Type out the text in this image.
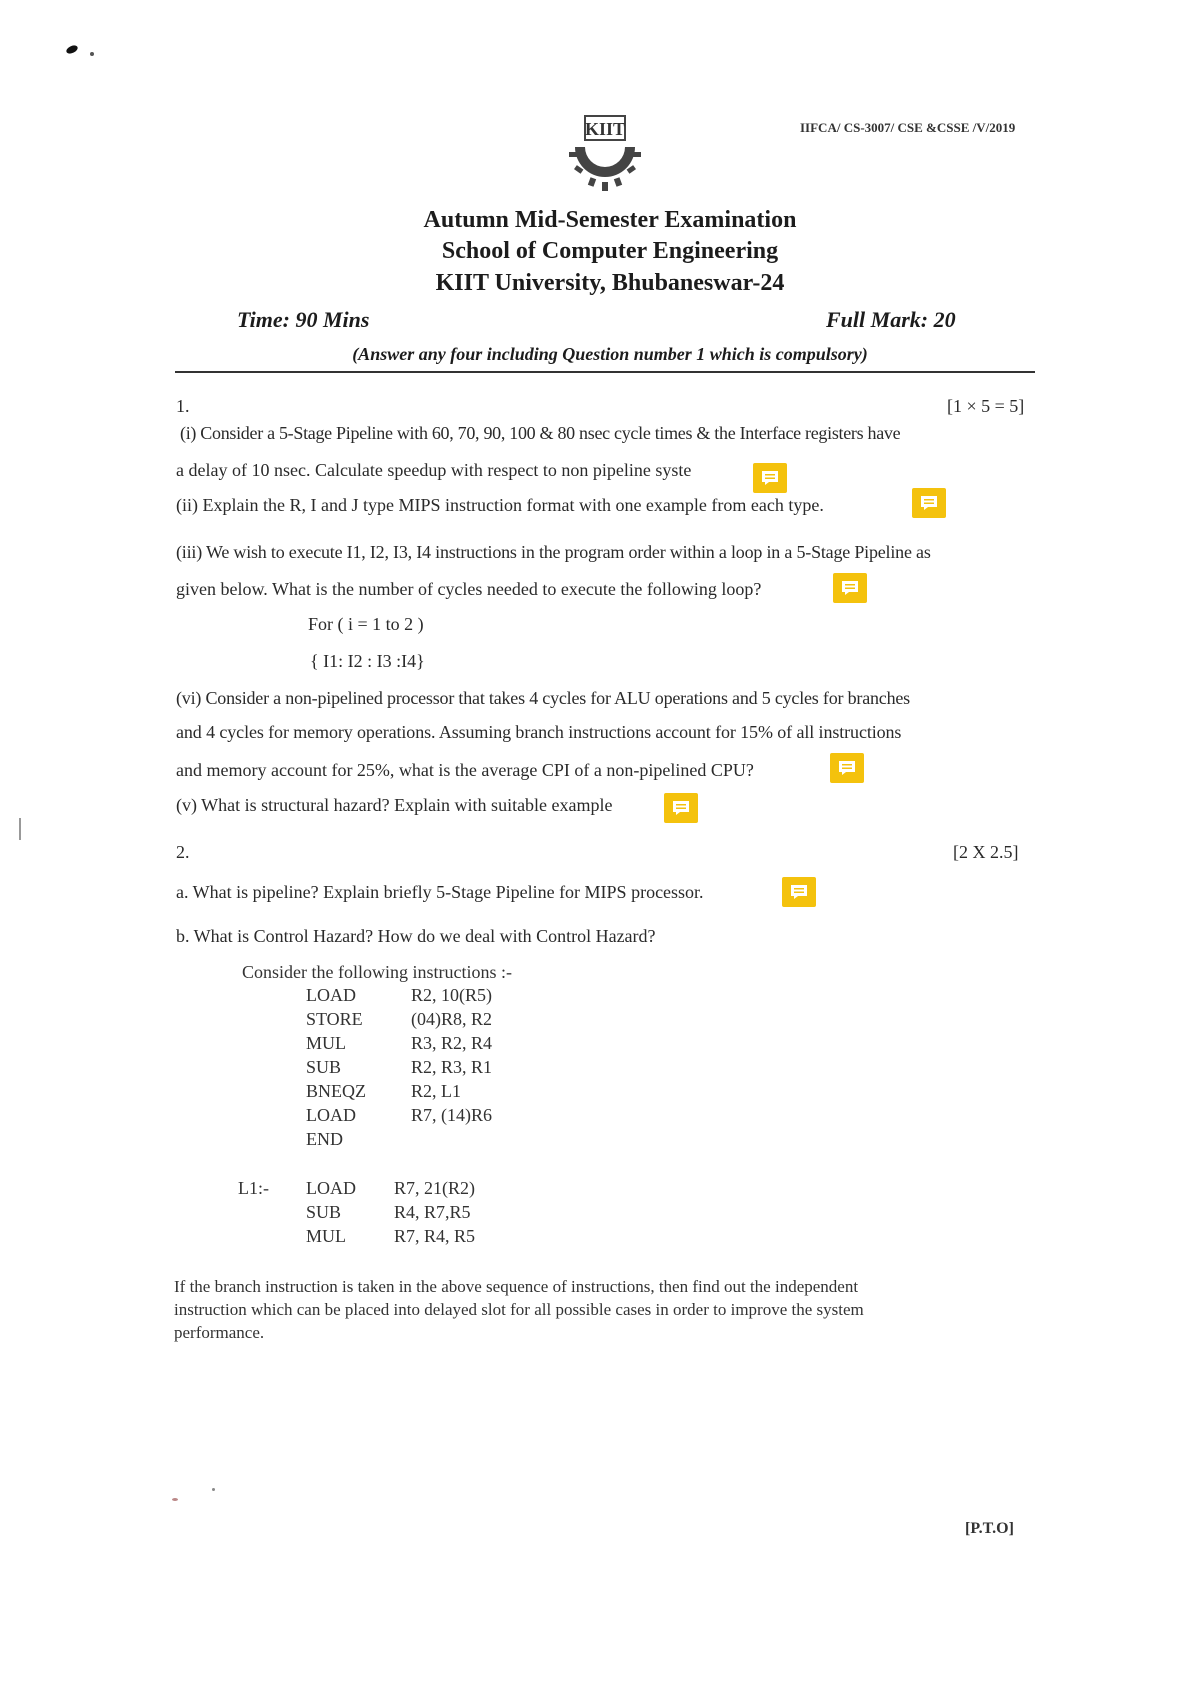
IIFCA/ CS-3007/ CSE &CSSE /V/2019
KIIT
Autumn Mid-Semester Examination
School of Computer Engineering
KIIT University, Bhubaneswar-24
Time: 90 Mins	Full Mark: 20
(Answer any four including Question number 1 which is compulsory)
1.	[1 × 5 = 5]
(i) Consider a 5-Stage Pipeline with 60, 70, 90, 100 & 80 nsec cycle times & the Interface registers have
a delay of 10 nsec. Calculate speedup with respect to non pipeline syste
(ii) Explain the R, I and J type MIPS instruction format with one example from each type.
(iii) We wish to execute I1, I2, I3, I4 instructions in the program order within a loop in a 5-Stage Pipeline as
given below. What is the number of cycles needed to execute the following loop?
For ( i = 1 to 2 )
{ I1: I2 : I3 :I4}
(vi) Consider a non-pipelined processor that takes 4 cycles for ALU operations and 5 cycles for branches
and 4 cycles for memory operations. Assuming branch instructions account for 15% of all instructions
and memory account for 25%, what is the average CPI of a non-pipelined CPU?
(v) What is structural hazard? Explain with suitable example
2.	[2 X 2.5]
a. What is pipeline? Explain briefly 5-Stage Pipeline for MIPS processor.
b. What is Control Hazard? How do we deal with Control Hazard?
Consider the following instructions :-
LOAD	R2, 10(R5)
STORE	(04)R8, R2
MUL	R3, R2, R4
SUB	R2, R3, R1
BNEQZ	R2, L1
LOAD	R7, (14)R6
END
L1:- LOAD	R7, 21(R2)
SUB	R4, R7,R5
MUL	R7, R4, R5
If the branch instruction is taken in the above sequence of instructions, then find out the independent
instruction which can be placed into delayed slot for all possible cases in order to improve the system
performance.
[P.T.O]
